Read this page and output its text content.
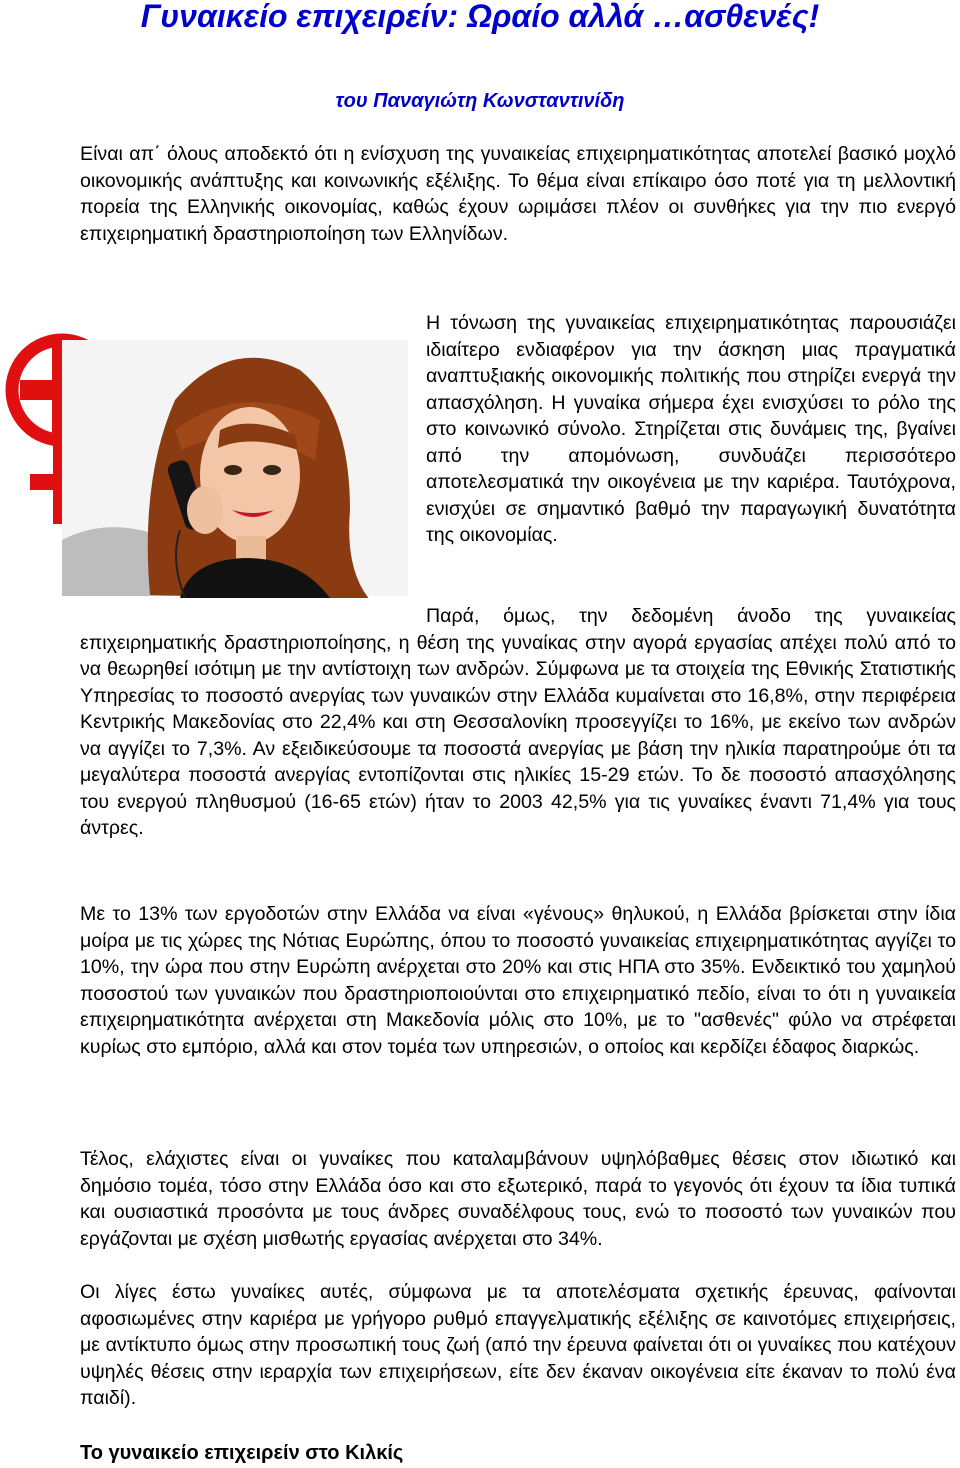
Γυναικείο επιχειρείν: Ωραίο αλλά …ασθενές!

του Παναγιώτη Κωνσταντινίδη

Είναι απ΄ όλους αποδεκτό ότι η ενίσχυση της γυναικείας επιχειρηματικότητας αποτελεί βασικό μοχλό οικονομικής ανάπτυξης και κοινωνικής εξέλιξης. Το θέμα είναι επίκαιρο όσο ποτέ για τη μελλοντική πορεία της Ελληνικής οικονομίας, καθώς έχουν ωριμάσει πλέον οι συνθήκες για την πιο ενεργό επιχειρηματική δραστηριοποίηση των Ελληνίδων.

Η τόνωση της γυναικείας επιχειρηματικότητας παρουσιάζει ιδιαίτερο ενδιαφέρον για την άσκηση μιας πραγματικά αναπτυξιακής οικονομικής πολιτικής που στηρίζει ενεργά την απασχόληση. Η γυναίκα σήμερα έχει ενισχύσει το ρόλο της στο κοινωνικό σύνολο. Στηρίζεται στις δυνάμεις της, βγαίνει από την απομόνωση, συνδυάζει περισσότερο αποτελεσματικά την οικογένεια με την καριέρα. Ταυτόχρονα, ενισχύει σε σημαντικό βαθμό την παραγωγική δυνατότητα της οικονομίας.

Παρά, όμως, την δεδομένη άνοδο της γυναικείας επιχειρηματικής δραστηριοποίησης, η θέση της γυναίκας στην αγορά εργασίας απέχει πολύ από το να θεωρηθεί ισότιμη με την αντίστοιχη των ανδρών. Σύμφωνα με τα στοιχεία της Εθνικής Στατιστικής Υπηρεσίας το ποσοστό ανεργίας των γυναικών στην Ελλάδα κυμαίνεται στο 16,8%, στην περιφέρεια Κεντρικής Μακεδονίας στο 22,4% και στη Θεσσαλονίκη προσεγγίζει το 16%, με εκείνο των ανδρών να αγγίζει το 7,3%. Αν εξειδικεύσουμε τα ποσοστά ανεργίας με βάση την ηλικία παρατηρούμε ότι τα μεγαλύτερα ποσοστά ανεργίας εντοπίζονται στις ηλικίες 15-29 ετών. Το δε ποσοστό απασχόλησης του ενεργού πληθυσμού (16-65 ετών) ήταν το 2003 42,5% για τις γυναίκες έναντι 71,4% για τους άντρες.

Με το 13% των εργοδοτών στην Ελλάδα να είναι «γένους» θηλυκού, η Ελλάδα βρίσκεται στην ίδια μοίρα με τις χώρες της Νότιας Ευρώπης, όπου το ποσοστό γυναικείας επιχειρηματικότητας αγγίζει το 10%, την ώρα που στην Ευρώπη ανέρχεται στο 20% και στις ΗΠΑ στο 35%. Ενδεικτικό του χαμηλού ποσοστού των γυναικών που δραστηριοποιούνται στο επιχειρηματικό πεδίο, είναι το ότι η γυναικεία επιχειρηματικότητα ανέρχεται στη Μακεδονία μόλις στο 10%, με το "ασθενές" φύλο να στρέφεται κυρίως στο εμπόριο, αλλά και στον τομέα των υπηρεσιών, ο οποίος και κερδίζει έδαφος διαρκώς.

Τέλος, ελάχιστες είναι οι γυναίκες που καταλαμβάνουν υψηλόβαθμες θέσεις στον ιδιωτικό και δημόσιο τομέα, τόσο στην Ελλάδα όσο και στο εξωτερικό, παρά το γεγονός ότι έχουν τα ίδια τυπικά και ουσιαστικά προσόντα με τους άνδρες συναδέλφους τους, ενώ το ποσοστό των γυναικών που εργάζονται με σχέση μισθωτής εργασίας ανέρχεται στο 34%.

Οι λίγες έστω γυναίκες αυτές, σύμφωνα με τα αποτελέσματα σχετικής έρευνας, φαίνονται αφοσιωμένες στην καριέρα με γρήγορο ρυθμό επαγγελματικής εξέλιξης σε καινοτόμες επιχειρήσεις, με αντίκτυπο όμως στην προσωπική τους ζωή (από την έρευνα φαίνεται ότι οι γυναίκες που κατέχουν υψηλές θέσεις στην ιεραρχία των επιχειρήσεων, είτε δεν έκαναν οικογένεια είτε έκαναν το πολύ ένα παιδί).

Το γυναικείο επιχειρείν στο Κιλκίς
